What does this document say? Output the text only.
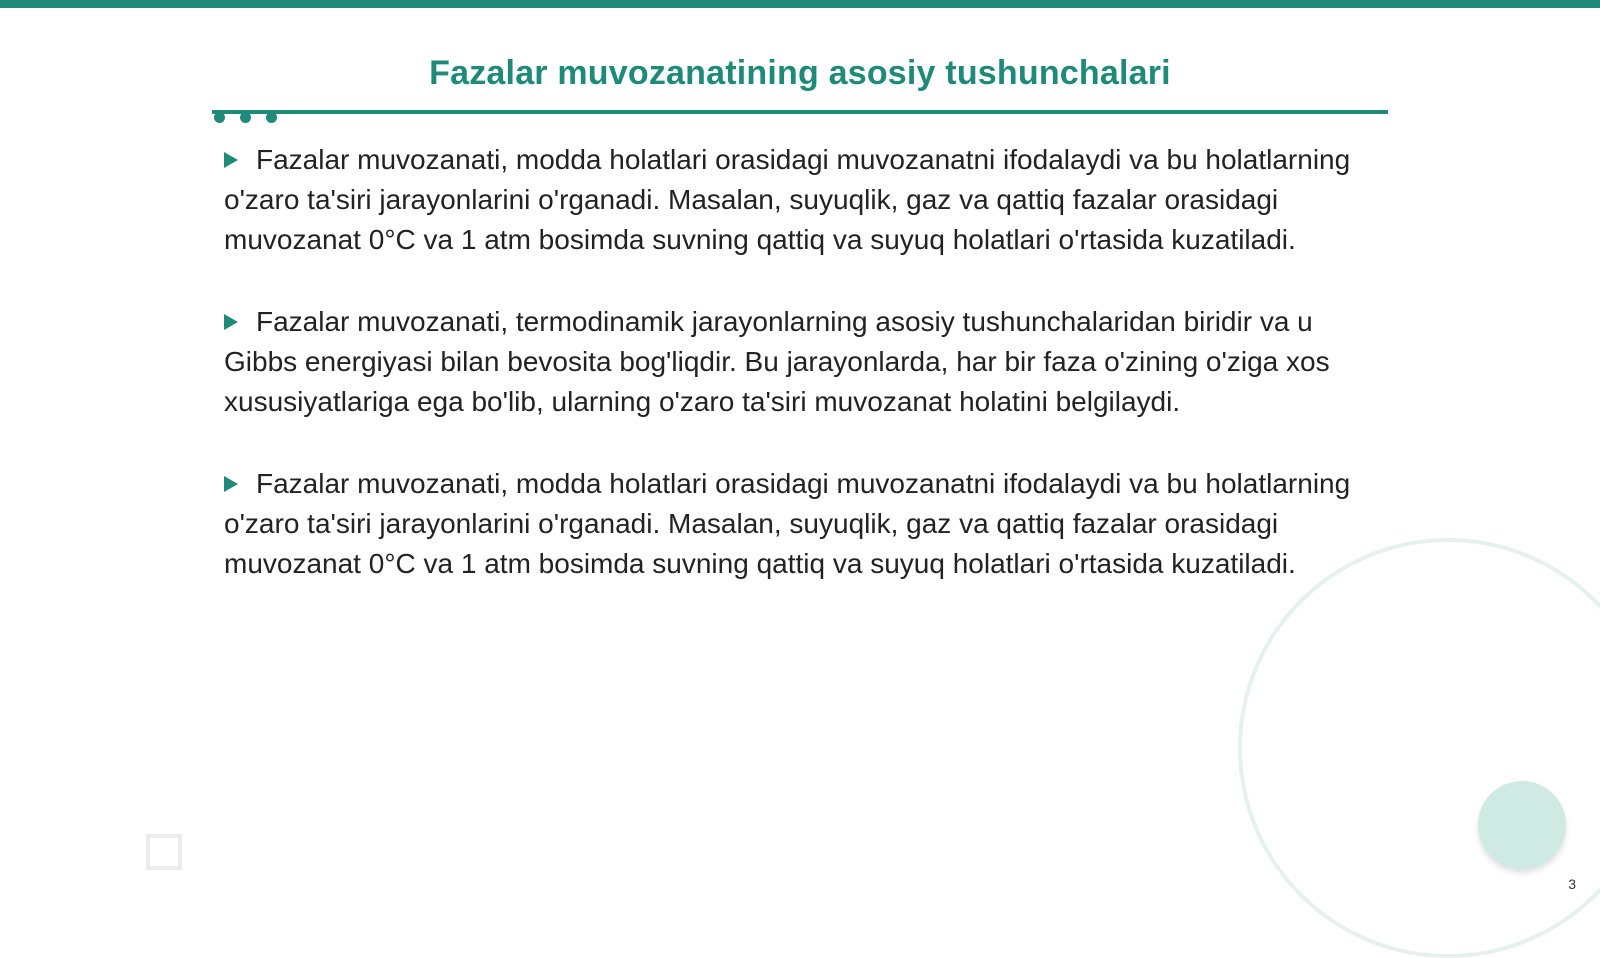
Fazalar muvozanatining asosiy tushunchalari

Fazalar muvozanati, modda holatlari orasidagi muvozanatni ifodalaydi va bu holatlarning o'zaro ta'siri jarayonlarini o'rganadi. Masalan, suyuqlik, gaz va qattiq fazalar orasidagi muvozanat 0°C va 1 atm bosimda suvning qattiq va suyuq holatlari o'rtasida kuzatiladi.

Fazalar muvozanati, termodinamik jarayonlarning asosiy tushunchalaridan biridir va u Gibbs energiyasi bilan bevosita bog'liqdir. Bu jarayonlarda, har bir faza o'zining o'ziga xos xususiyatlariga ega bo'lib, ularning o'zaro ta'siri muvozanat holatini belgilaydi.

Fazalar muvozanati, modda holatlari orasidagi muvozanatni ifodalaydi va bu holatlarning o'zaro ta'siri jarayonlarini o'rganadi. Masalan, suyuqlik, gaz va qattiq fazalar orasidagi muvozanat 0°C va 1 atm bosimda suvning qattiq va suyuq holatlari o'rtasida kuzatiladi.

3
